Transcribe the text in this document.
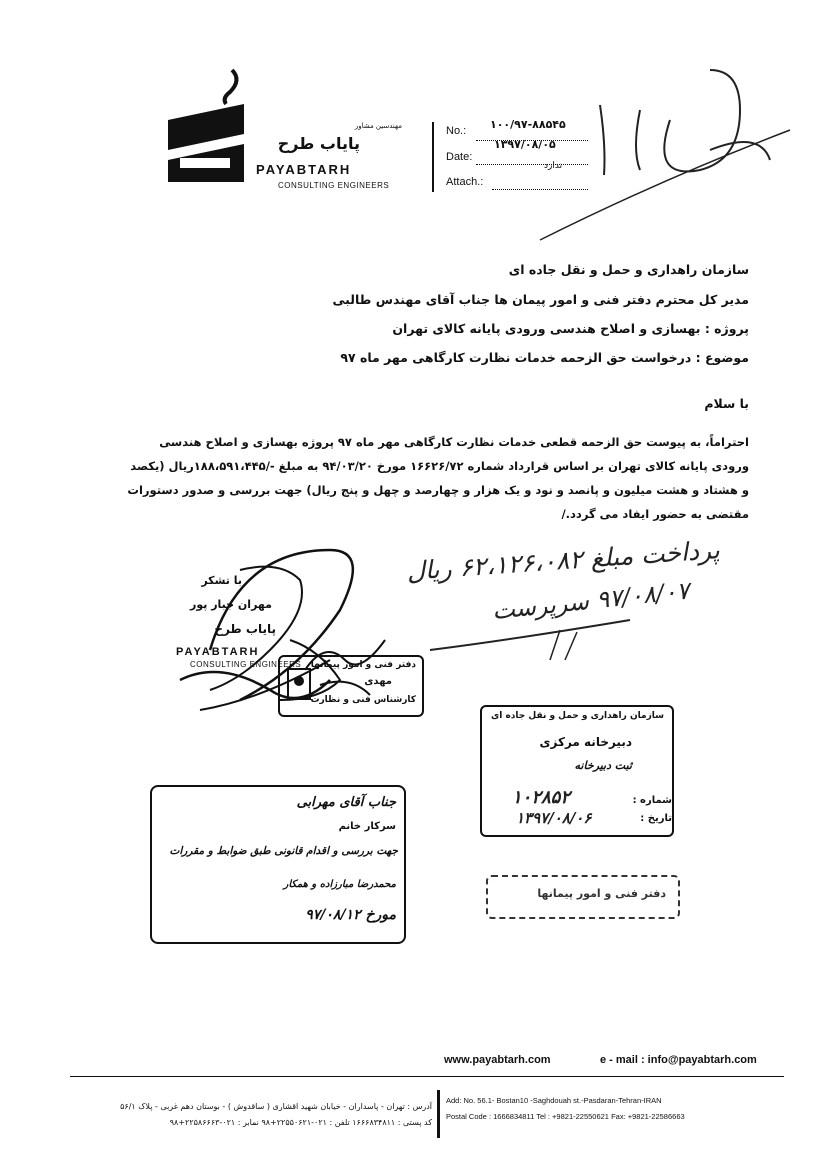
مهندسین مشاور
پایاب طرح
PAYABTARH
CONSULTING ENGINEERS
No.: ۱۰۰/۹۷-۸۸۵۴۵
۱۳۹۷/۰۸/۰۵
Date:
ندارد
Attach.:
سازمان راهداری و حمل و نقل جاده ای
مدیر کل محترم دفتر فنی و امور پیمان ها جناب آقای مهندس طالبی
پروژه : بهسازی و اصلاح هندسی ورودی پایانه کالای تهران
موضوع : درخواست حق الزحمه خدمات نظارت کارگاهی مهر ماه ۹۷
با سلام
احتراماً، به پیوست حق الزحمه قطعی خدمات نظارت کارگاهی مهر ماه ۹۷ پروژه بهسازی و اصلاح هندسی ورودی پایانه کالای تهران بر اساس قرارداد شماره ۱۶۶۲۶/۷۲ مورخ ۹۴/۰۳/۲۰ به مبلغ -/۱۸۸،۵۹۱،۴۴۵ریال (یکصد و هشتاد و هشت میلیون و پانصد و نود و یک هزار و چهارصد و چهل و پنج ریال) جهت بررسی و صدور دستورات مقتضی به حضور ایفاد می گردد./
با تشکر
مهران جبار پور
پایاب طرح
PAYABTARH
CONSULTING ENGINEERS
پرداخت مبلغ ۶۲،۱۲۶،۰۸۲ ریال
۹۷/۰۸/۰۷ سرپرست
دفتر فنی و امور پیمانها
مهدی
کارشناس فنی و نظارت
سازمان راهداری و حمل و نقل جاده ای
دبیرخانه مرکزی
ثبت دبیرخانه
شماره :
۱۰۲۸۵۲
تاریخ :
۱۳۹۷/۰۸/۰۶
جناب آقای مهرابی
سرکار خانم
جهت بررسی و اقدام قانونی طبق ضوابط و مقررات
محمدرضا مبارزاده و همکار
مورخ ۹۷/۰۸/۱۲
دفتر فنی و امور پیمانها
www.payabtarh.com	e - mail : info@payabtarh.com
آدرس : تهران - پاسداران - خیابان شهید اقشاری ( ساقدوش ) - بوستان دهم غربی - پلاک ۵۶/۱
کد پستی : ۱۶۶۶۸۳۴۸۱۱ تلفن : ۰۲۱-۲۲۵۵۰۶۲۱+۹۸ نمابر : ۰۲۱-۲۲۵۸۶۶۶۳+۹۸
Add: No. 56.1- Bostan10 -Saghdouah st.-Pasdaran-Tehran-IRAN
Postal Code : 1666834811 Tel : +9821-22550621 Fax: +9821-22586663
